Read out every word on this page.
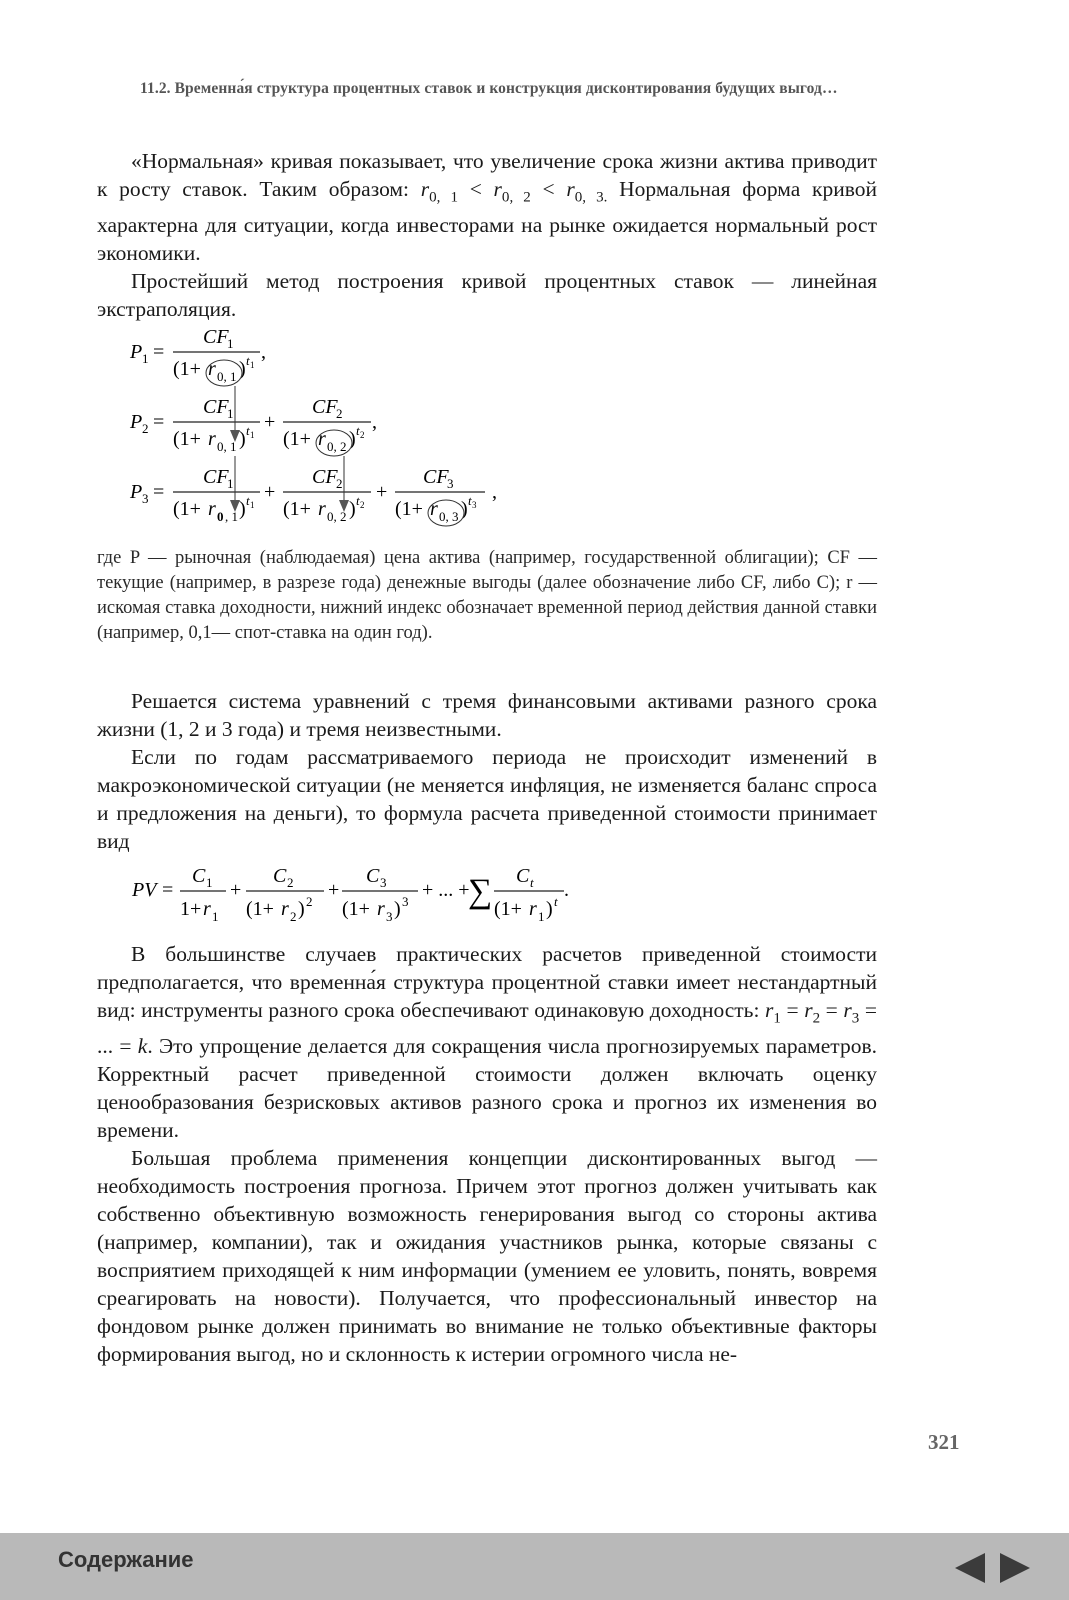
11.2. Временна́я структура процентных ставок и конструкция дисконтирования будущих выгод…

«Нормальная» кривая показывает, что увеличение срока жизни актива приводит к росту ставок. Таким образом: $r_{0, 1} < r_{0, 2} < r_{0, 3.}$ Нормальная форма кривой характерна для ситуации, когда инвесторами на рынке ожидается нормальный рост экономики.

Простейший метод построения кривой процентных ставок — линейная экстраполяция.

P 1 =
CF
1
(1+ r 0, 1 ) t 1
,
P 2 =
CF
1
(1+ r 0, 1 ) t 1
+
CF
2
(1+ r 0, 2 ) t 2
,
P 3 =
CF
1
(1+ r 0 , 1 ) t 1
+
CF
2
(1+ r 0, 2 ) t 2
+
CF
3
(1+ r 0, 3 ) t 3
,

где P — рыночная (наблюдаемая) цена актива (например, государственной облигации); CF — текущие (например, в разрезе года) денежные выгоды (далее обозначение либо CF, либо C); r — искомая ставка доходности, нижний индекс обозначает временной период действия данной ставки (например, 0,1— спот-ставка на один год).

Решается система уравнений с тремя финансовыми активами разного срока жизни (1, 2 и 3 года) и тремя неизвестными.

Если по годам рассматриваемого периода не происходит изменений в макроэкономической ситуации (не меняется инфляция, не изменяется баланс спроса и предложения на деньги), то формула расчета приведенной стоимости принимает вид

PV =
C 1
1+ r 1
+
C 2
(1+ r 2 ) 2
+
C 3
(1+ r 3 ) 3
+ ... +
∑ C t
(1+ r 1 ) t
.

В большинстве случаев практических расчетов приведенной стоимости предполагается, что временна́я структура процентной ставки имеет нестандартный вид: инструменты разного срока обеспечивают одинаковую доходность: $r_1 = r_2 = r_3$ = ... = k. Это упрощение делается для сокращения числа прогнозируемых параметров. Корректный расчет приведенной стоимости должен включать оценку ценообразования безрисковых активов разного срока и прогноз их изменения во времени.

Большая проблема применения концепции дисконтированных выгод — необходимость построения прогноза. Причем этот прогноз должен учитывать как собственно объективную возможность генерирования выгод со стороны актива (например, компании), так и ожидания участников рынка, которые связаны с восприятием приходящей к ним информации (умением ее уловить, понять, вовремя среагировать на новости). Получается, что профессиональный инвестор на фондовом рынке должен принимать во внимание не только объективные факторы формирования выгод, но и склонность к истерии огромного числа не-

321
Содержание
